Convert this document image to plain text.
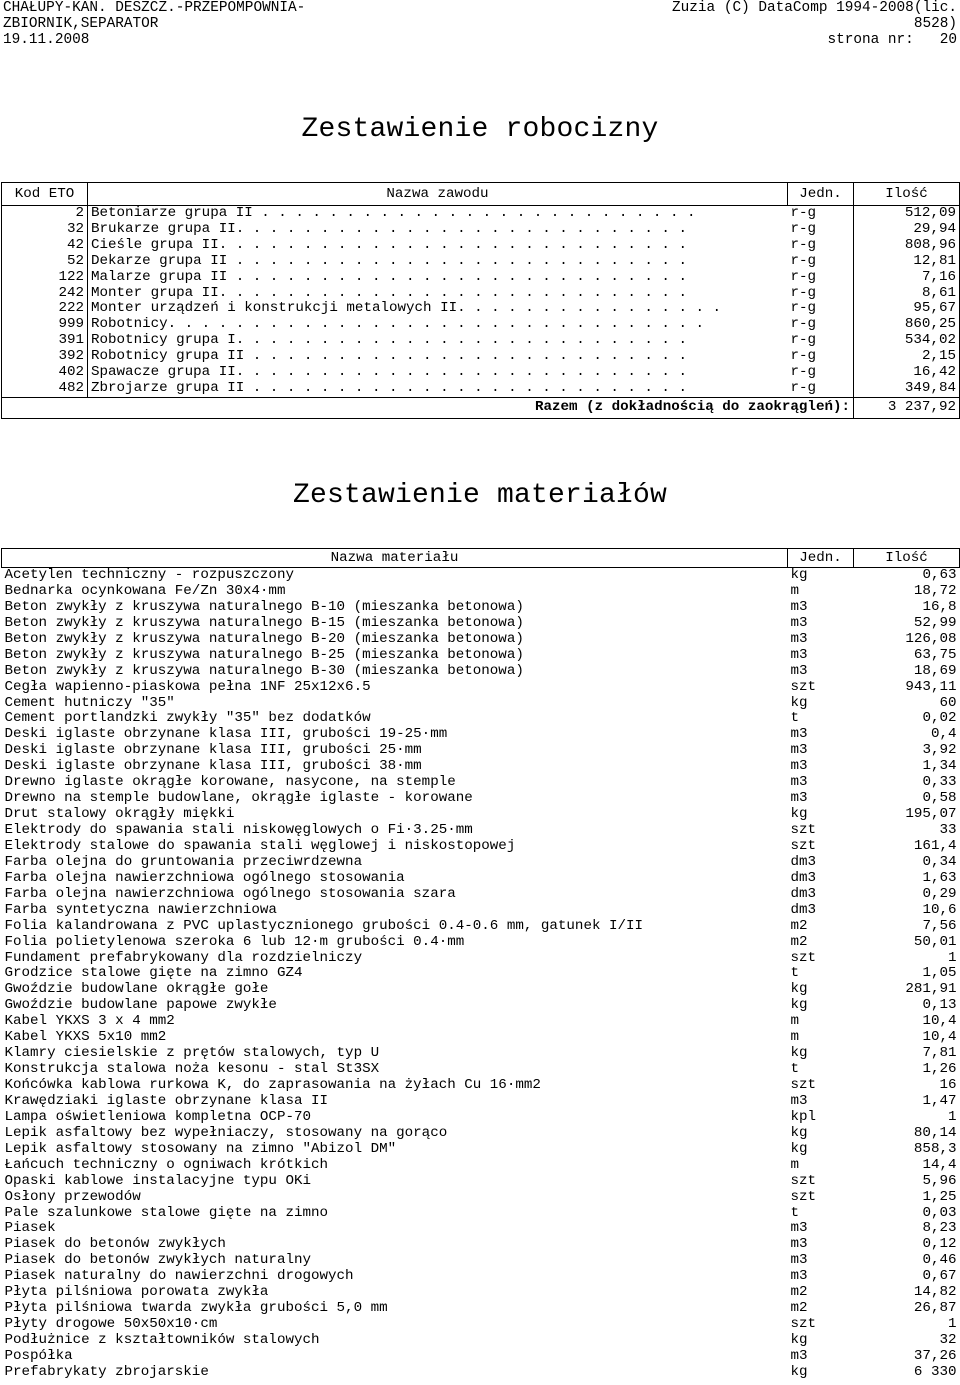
CHAŁUPY-KAN. DESZCZ.-PRZEPOMPOWNIA-
ZBIORNIK,SEPARATOR
19.11.2008
Zuzia (C) DataComp 1994-2008(lic.
8528)
strona nr:   20
Zestawienie robocizny
Kod ETO	Nazwa zawodu	Jedn.	Ilość
2	Betoniarze grupa II . . . . . . . . . . . . . . . . . . . . . . . . . .	r-g	512,09
32	Brukarze grupa II. . . . . . . . . . . . . . . . . . . . . . . . . . .	r-g	29,94
42	Cieśle grupa II. . . . . . . . . . . . . . . . . . . . . . . . . . . .	r-g	808,96
52	Dekarze grupa II . . . . . . . . . . . . . . . . . . . . . . . . . . .	r-g	12,81
122	Malarze grupa II . . . . . . . . . . . . . . . . . . . . . . . . . . .	r-g	7,16
242	Monter grupa II. . . . . . . . . . . . . . . . . . . . . . . . . . . .	r-g	8,61
222	Monter urządzeń i konstrukcji metalowych II. . . . . . . . . . . . . . . .	r-g	95,67
999	Robotnicy. . . . . . . . . . . . . . . . . . . . . . . . . . . . . . . .	r-g	860,25
391	Robotnicy grupa I. . . . . . . . . . . . . . . . . . . . . . . . . . .	r-g	534,02
392	Robotnicy grupa II . . . . . . . . . . . . . . . . . . . . . . . . . .	r-g	2,15
402	Spawacze grupa II. . . . . . . . . . . . . . . . . . . . . . . . . . .	r-g	16,42
482	Zbrojarze grupa II . . . . . . . . . . . . . . . . . . . . . . . . . .	r-g	349,84
Razem (z dokładnością do zaokrągleń):			3 237,92
Zestawienie materiałów
Nazwa materiału	Jedn.	Ilość
Acetylen techniczny - rozpuszczony	kg	0,63
Bednarka ocynkowana Fe/Zn 30x4·mm	m	18,72
Beton zwykły z kruszywa naturalnego B-10 (mieszanka betonowa)	m3	16,8
Beton zwykły z kruszywa naturalnego B-15 (mieszanka betonowa)	m3	52,99
Beton zwykły z kruszywa naturalnego B-20 (mieszanka betonowa)	m3	126,08
Beton zwykły z kruszywa naturalnego B-25 (mieszanka betonowa)	m3	63,75
Beton zwykły z kruszywa naturalnego B-30 (mieszanka betonowa)	m3	18,69
Cegła wapienno-piaskowa pełna 1NF 25x12x6.5	szt	943,11
Cement hutniczy "35"	kg	60
Cement portlandzki zwykły "35" bez dodatków	t	0,02
Deski iglaste obrzynane klasa III, grubości 19-25·mm	m3	0,4
Deski iglaste obrzynane klasa III, grubości 25·mm	m3	3,92
Deski iglaste obrzynane klasa III, grubości 38·mm	m3	1,34
Drewno iglaste okrągłe korowane, nasycone, na stemple	m3	0,33
Drewno na stemple budowlane, okrągłe iglaste - korowane	m3	0,58
Drut stalowy okrągły miękki	kg	195,07
Elektrody do spawania stali niskowęglowych o Fi·3.25·mm	szt	33
Elektrody stalowe do spawania stali węglowej i niskostopowej	szt	161,4
Farba olejna do gruntowania przeciwrdzewna	dm3	0,34
Farba olejna nawierzchniowa ogólnego stosowania	dm3	1,63
Farba olejna nawierzchniowa ogólnego stosowania szara	dm3	0,29
Farba syntetyczna nawierzchniowa	dm3	10,6
Folia kalandrowana z PVC uplastycznionego grubości 0.4-0.6 mm, gatunek I/II	m2	7,56
Folia polietylenowa szeroka 6 lub 12·m grubości 0.4·mm	m2	50,01
Fundament prefabrykowany dla rozdzielniczy	szt	1
Grodzice stalowe gięte na zimno GZ4	t	1,05
Gwoździe budowlane okrągłe gołe	kg	281,91
Gwoździe budowlane papowe zwykłe	kg	0,13
Kabel YKXS 3 x 4 mm2	m	10,4
Kabel YKXS 5x10 mm2	m	10,4
Klamry ciesielskie z prętów stalowych, typ U	kg	7,81
Konstrukcja stalowa noża kesonu - stal St3SX	t	1,26
Końcówka kablowa rurkowa K, do zaprasowania na żyłach Cu 16·mm2	szt	16
Krawędziaki iglaste obrzynane klasa II	m3	1,47
Lampa oświetleniowa kompletna OCP-70	kpl	1
Lepik asfaltowy bez wypełniaczy, stosowany na gorąco	kg	80,14
Lepik asfaltowy stosowany na zimno "Abizol DM"	kg	858,3
Łańcuch techniczny o ogniwach krótkich	m	14,4
Opaski kablowe instalacyjne typu OKi	szt	5,96
Osłony przewodów	szt	1,25
Pale szalunkowe stalowe gięte na zimno	t	0,03
Piasek	m3	8,23
Piasek do betonów zwykłych	m3	0,12
Piasek do betonów zwykłych naturalny	m3	0,46
Piasek naturalny do nawierzchni drogowych	m3	0,67
Płyta pilśniowa porowata zwykła	m2	14,82
Płyta pilśniowa twarda zwykła grubości 5,0 mm	m2	26,87
Płyty drogowe 50x50x10·cm	szt	1
Podłużnice z kształtowników stalowych	kg	32
Pospółka	m3	37,26
Prefabrykaty zbrojarskie	kg	6 330
